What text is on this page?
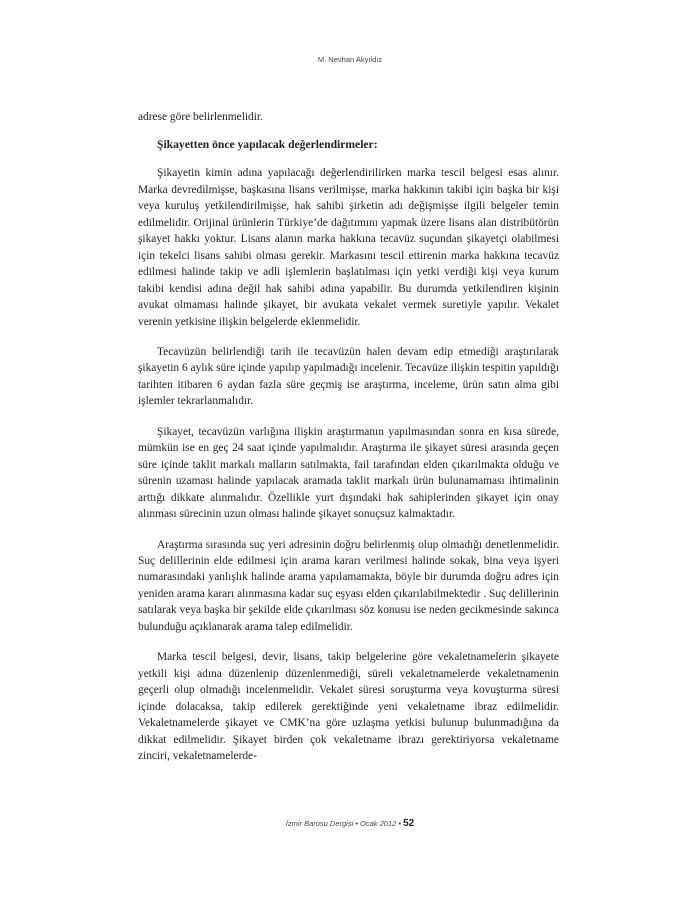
M. Nevhan Akyıldız

adrese göre belirlenmelidir.

Şikayetten önce yapılacak değerlendirmeler:

Şikayetin kimin adına yapılacağı değerlendirilirken marka tescil belgesi esas alınır. Marka devredilmişse, başkasına lisans verilmişse, marka hakkının takibi için başka bir kişi veya kuruluş yetkilendirilmişse, hak sahibi şirketin adı değişmişse ilgili belgeler temin edilmelidir. Orijinal ürünlerin Türkiye’de dağıtımını yapmak üzere lisans alan distribütörün şikayet hakkı yoktur. Lisans alanın marka hakkına tecavüz suçundan şikayetçi olabilmesi için tekelci lisans sahibi olması gerekir. Markasını tescil ettirenin marka hakkına tecavüz edilmesi halinde takip ve adli işlemlerin başlatılması için yetki verdiği kişi veya kurum takibi kendisi adına değil hak sahibi adına yapabilir. Bu durumda yetkilendiren kişinin avukat olmaması halinde şikayet, bir avukata vekalet vermek suretiyle yapılır. Vekalet verenin yetkisine ilişkin belgelerde eklenmelidir.

Tecavüzün belirlendiği tarih ile tecavüzün halen devam edip etmediği araştırılarak şikayetin 6 aylık süre içinde yapılıp yapılmadığı incelenir. Tecavüze ilişkin tespitin yapıldığı tarihten itibaren 6 aydan fazla süre geçmiş ise araştırma, inceleme, ürün satın alma gibi işlemler tekrarlanmalıdır.

Şikayet, tecavüzün varlığına ilişkin araştırmanın yapılmasından sonra en kısa sürede, mümkün ise en geç 24 saat içinde yapılmalıdır. Araştırma ile şikayet süresi arasında geçen süre içinde taklit markalı malların satılmakta, fail tarafından elden çıkarılmakta olduğu ve sürenin uzaması halinde yapılacak aramada taklit markalı ürün bulunamaması ihtimalinin arttığı dikkate alınmalıdır. Özellikle yurt dışındaki hak sahiplerinden şikayet için onay alınması sürecinin uzun olması halinde şikayet sonuçsuz kalmaktadır.

Araştırma sırasında suç yeri adresinin doğru belirlenmiş olup olmadığı denetlenmelidir. Suç delillerinin elde edilmesi için arama kararı verilmesi halinde sokak, bina veya işyeri numarasındaki yanlışlık halinde arama yapılamamakta, böyle bir durumda doğru adres için yeniden arama kararı alınmasına kadar suç eşyası elden çıkarılabilmektedir . Suç delillerinin satılarak veya başka bir şekilde elde çıkarılması söz konusu ise neden gecikmesinde sakınca bulunduğu açıklanarak arama talep edilmelidir.

Marka tescil belgesi, devir, lisans, takip belgelerine göre vekaletnamelerin şikayete yetkili kişi adına düzenlenip düzenlenmediği, süreli vekaletnamelerde vekaletnamenin geçerli olup olmadığı incelenmelidir. Vekalet süresi soruşturma veya kovuşturma süresi içinde dolacaksa, takip edilerek gerektiğinde yeni vekaletname ibraz edilmelidir. Vekaletnamelerde şikayet ve CMK’na göre uzlaşma yetkisi bulunup bulunmadığına da dikkat edilmelidir. Şikayet birden çok vekaletname ibrazı gerektiriyorsa vekaletname zinciri, vekaletnamelerde-

İzmir Barosu Dergisi • Ocak 2012 • 52
